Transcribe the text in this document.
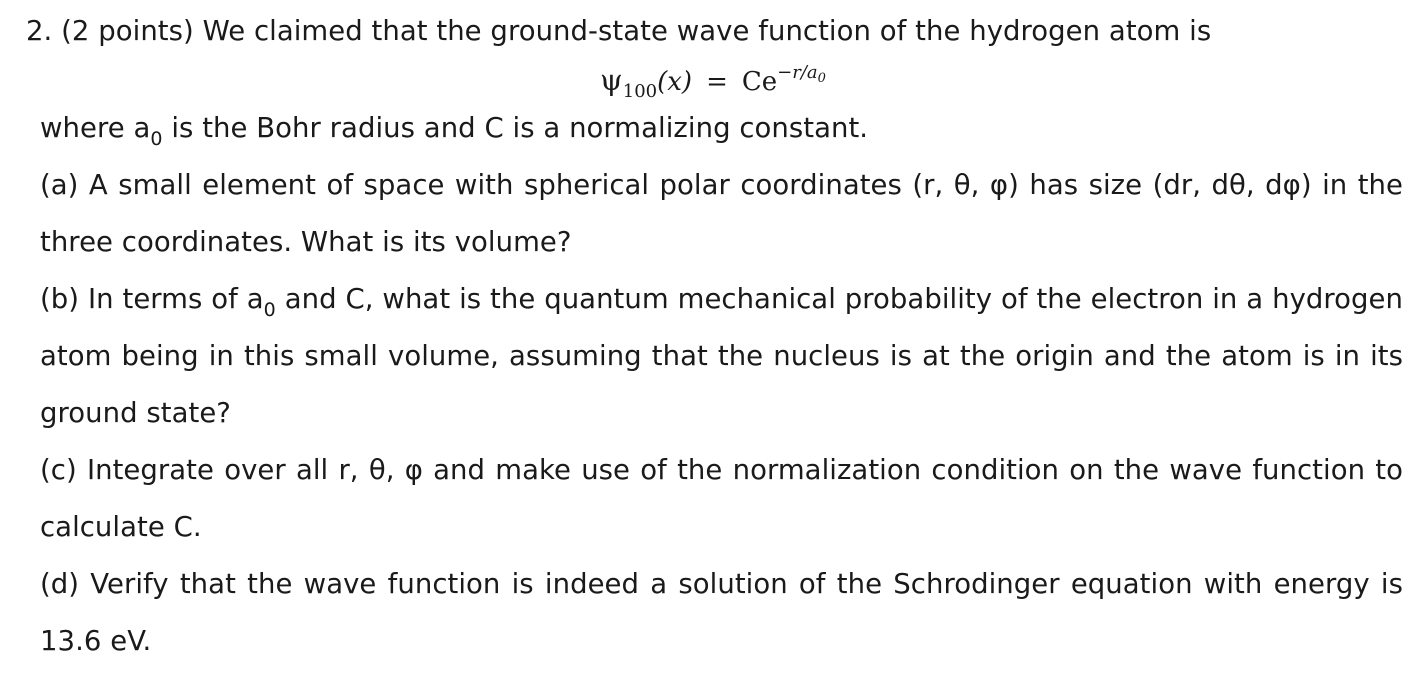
2. (2 points) We claimed that the ground-state wave function of the hydrogen atom is
$\psi_{100}(x) = Ce^{-r/a_0}$
where $a_0$ is the Bohr radius and C is a normalizing constant.
(a) A small element of space with spherical polar coordinates (r, θ, φ) has size (dr, dθ, dφ) in the
three coordinates. What is its volume?
(b) In terms of $a_0$ and C, what is the quantum mechanical probability of the electron in a hydrogen
atom being in this small volume, assuming that the nucleus is at the origin and the atom is in its
ground state?
(c) Integrate over all r, θ, φ and make use of the normalization condition on the wave function to
calculate C.
(d) Verify that the wave function is indeed a solution of the Schrodinger equation with energy is
13.6 eV.
